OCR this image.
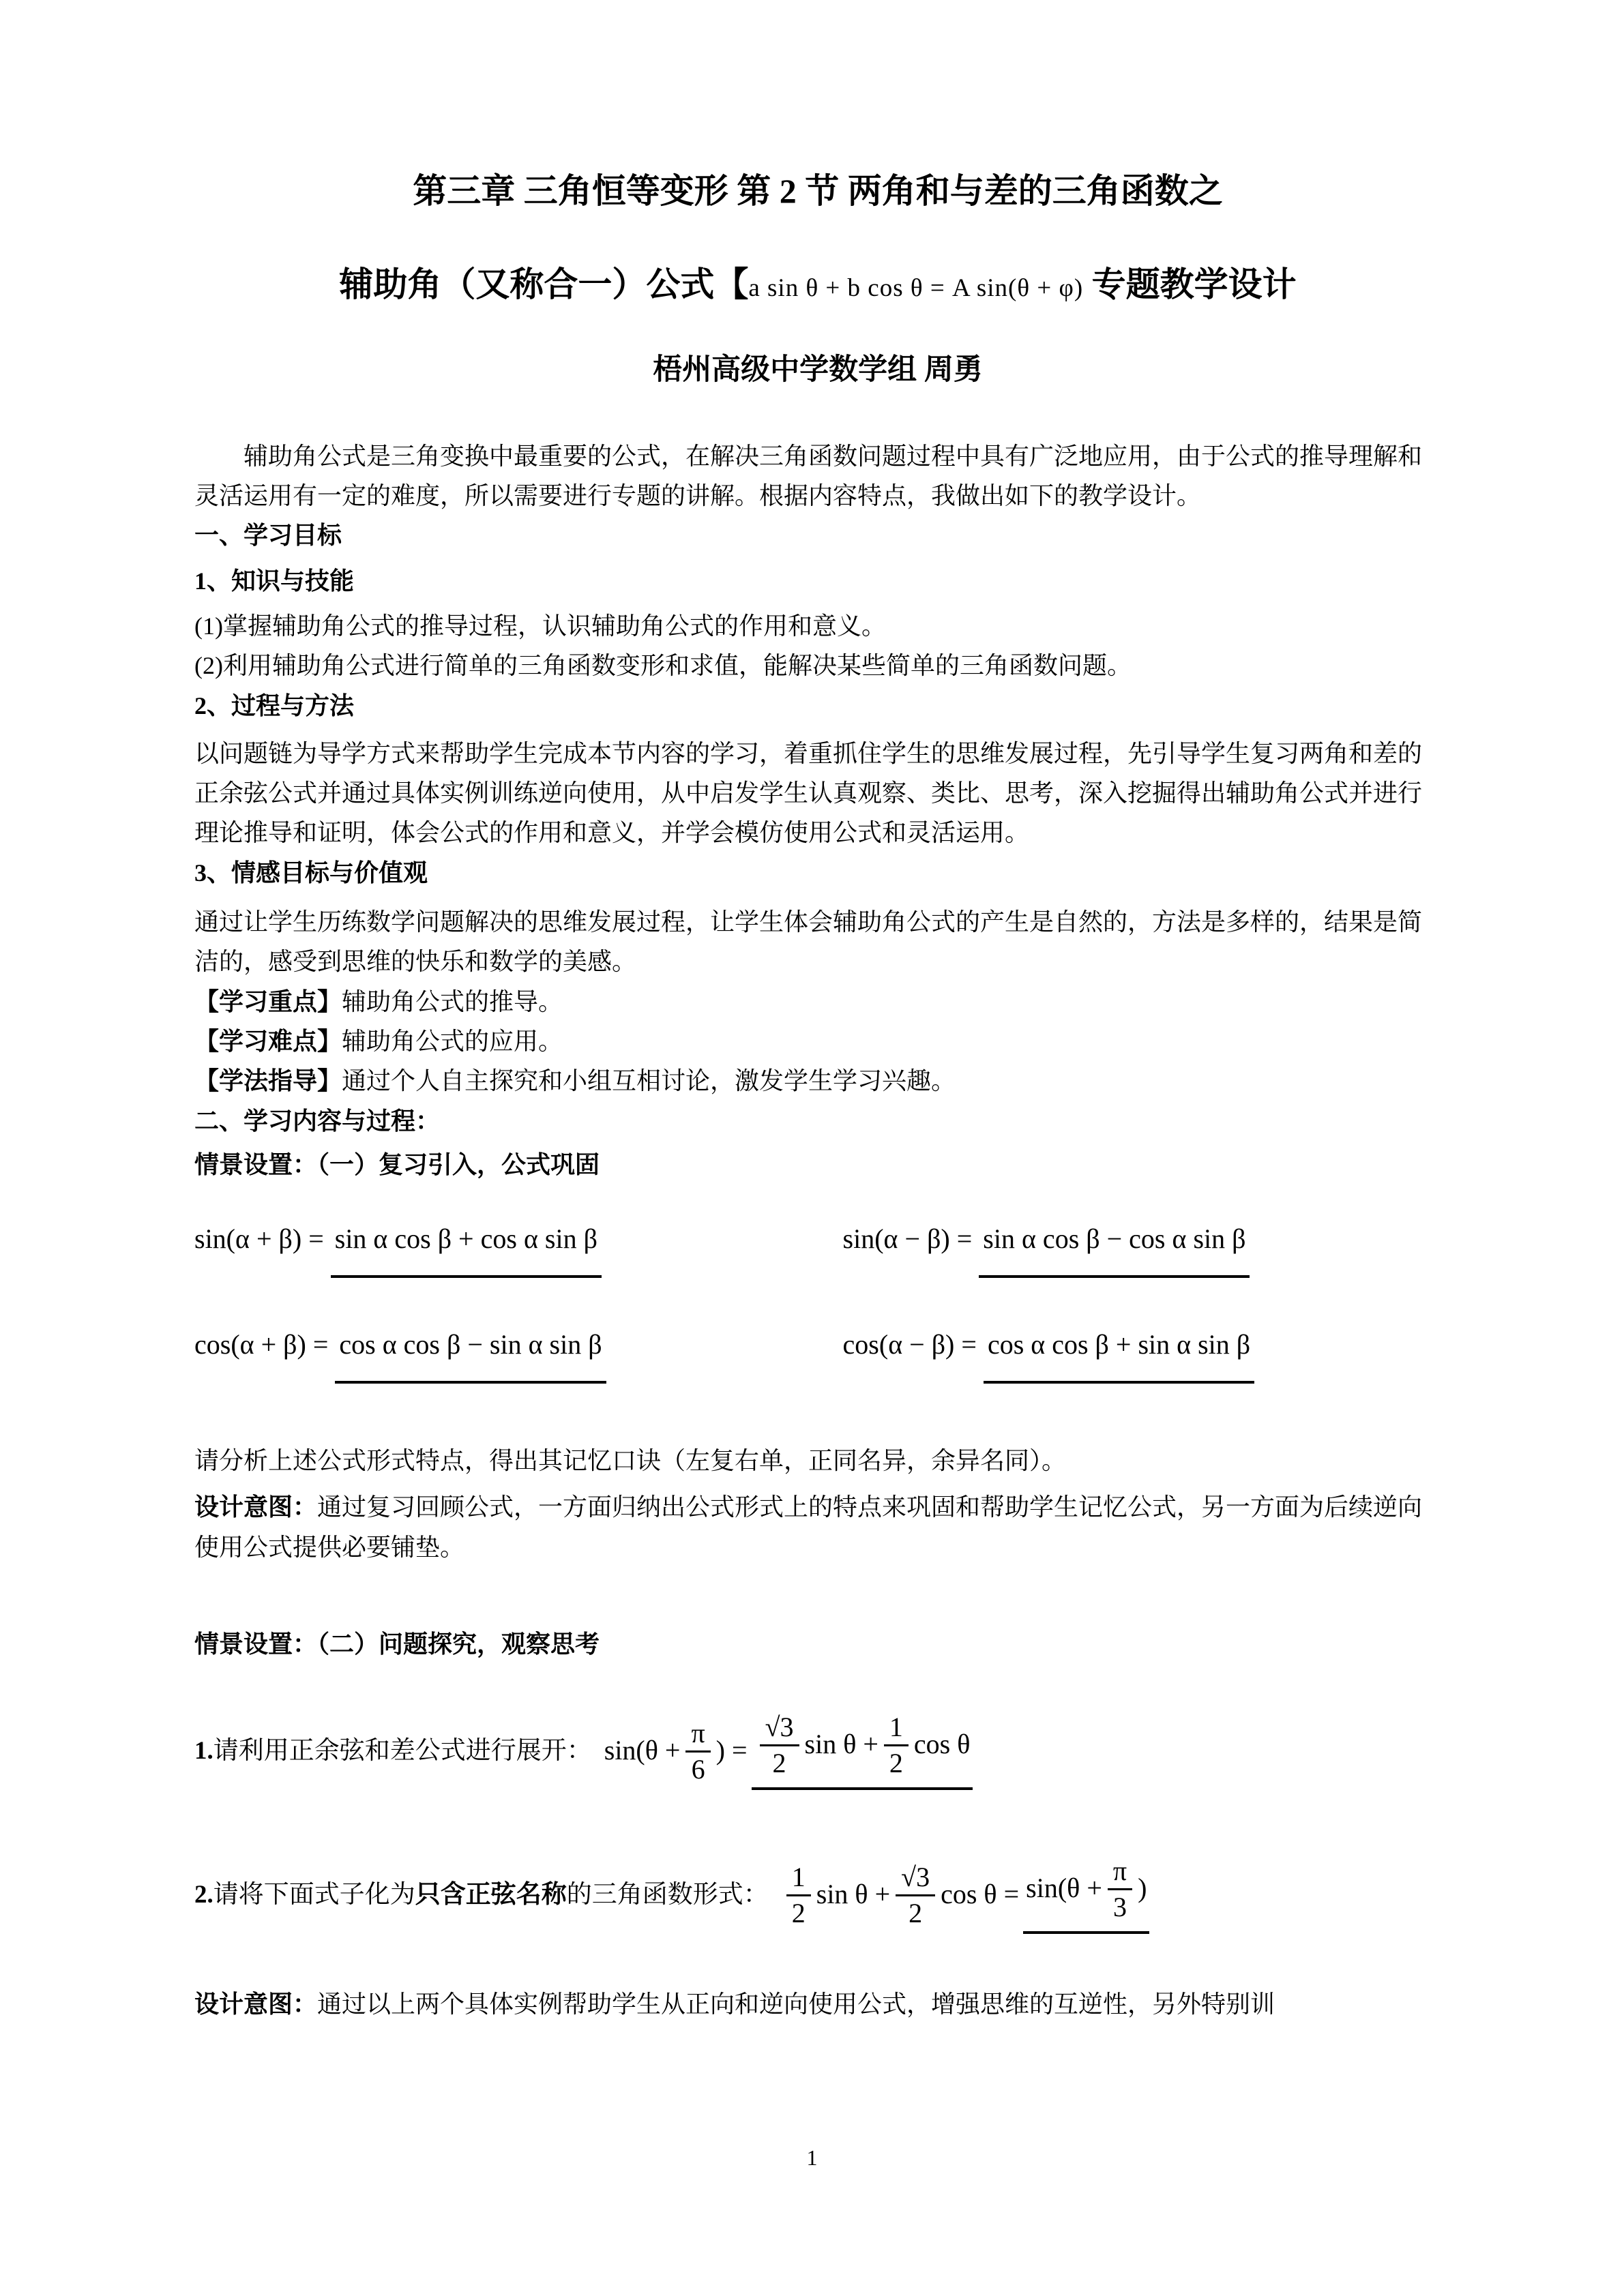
第三章 三角恒等变形 第 2 节 两角和与差的三角函数之
辅助角（又称合一）公式【a sin θ + b cos θ = A sin(θ + φ) 专题教学设计
梧州高级中学数学组 周勇

辅助角公式是三角变换中最重要的公式，在解决三角函数问题过程中具有广泛地应用，由于公式的推导理解和灵活运用有一定的难度，所以需要进行专题的讲解。根据内容特点，我做出如下的教学设计。

一、学习目标
1、知识与技能

(1)掌握辅助角公式的推导过程，认识辅助角公式的作用和意义。

(2)利用辅助角公式进行简单的三角函数变形和求值，能解决某些简单的三角函数问题。

2、过程与方法

以问题链为导学方式来帮助学生完成本节内容的学习，着重抓住学生的思维发展过程，先引导学生复习两角和差的正余弦公式并通过具体实例训练逆向使用，从中启发学生认真观察、类比、思考，深入挖掘得出辅助角公式并进行理论推导和证明，体会公式的作用和意义，并学会模仿使用公式和灵活运用。

3、情感目标与价值观

通过让学生历练数学问题解决的思维发展过程，让学生体会辅助角公式的产生是自然的，方法是多样的，结果是简洁的，感受到思维的快乐和数学的美感。

【学习重点】辅助角公式的推导。

【学习难点】辅助角公式的应用。

【学法指导】通过个人自主探究和小组互相讨论，激发学生学习兴趣。

二、学习内容与过程：
情景设置：（一）复习引入，公式巩固
sin(α + β) = sin α cos β + cos α sin β	sin(α − β) = sin α cos β − cos α sin β
cos(α + β) = cos α cos β − sin α sin β	cos(α − β) = cos α cos β + sin α sin β

请分析上述公式形式特点，得出其记忆口诀（左复右单，正同名异，余异名同）。

设计意图：通过复习回顾公式，一方面归纳出公式形式上的特点来巩固和帮助学生记忆公式，另一方面为后续逆向使用公式提供必要铺垫。

情景设置：（二）问题探究，观察思考
1. 请利用正余弦和差公式进行展开： $\sin(\theta + \frac{\pi}{6}$ ) = $\frac{√3}{2}$ $\sin \theta + \frac{1}{2}$ cos θ
2. 请将下面式子化为 只含正弦名称 的三角函数形式： $\frac{1}{2}$ $\sin \theta + \frac{√3}{2}$ $\cos \theta = \sin(\theta + \frac{\pi}{3}$ )

设计意图：通过以上两个具体实例帮助学生从正向和逆向使用公式，增强思维的互逆性，另外特别训

1
